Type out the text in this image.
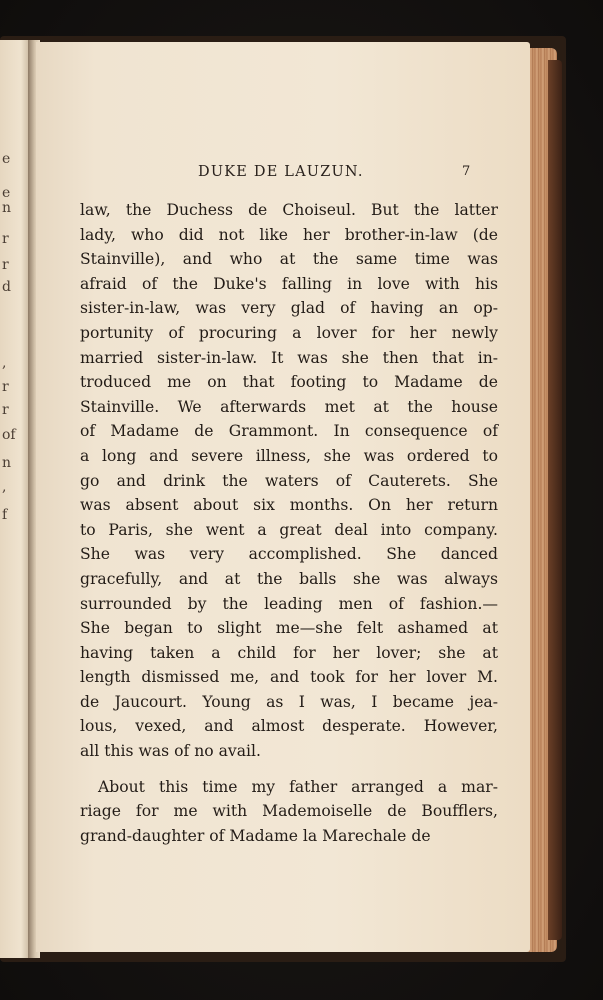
e
e
n
r
r
d
,
r
r
of
n
,
f
DUKE DE LAUZUN.	7
law, the Duchess de Choiseul. But the latter
lady, who did not like her brother-in-law (de
Stainville), and who at the same time was
afraid of the Duke's falling in love with his
sister-in-law, was very glad of having an op-
portunity of procuring a lover for her newly
married sister-in-law. It was she then that in-
troduced me on that footing to Madame de
Stainville. We afterwards met at the house
of Madame de Grammont. In consequence of
a long and severe illness, she was ordered to
go and drink the waters of Cauterets. She
was absent about six months. On her return
to Paris, she went a great deal into company.
She was very accomplished. She danced
gracefully, and at the balls she was always
surrounded by the leading men of fashion.—
She began to slight me—she felt ashamed at
having taken a child for her lover; she at
length dismissed me, and took for her lover M.
de Jaucourt. Young as I was, I became jea-
lous, vexed, and almost desperate. However,
all this was of no avail.
About this time my father arranged a mar-
riage for me with Mademoiselle de Boufflers,
grand-daughter of Madame la Marechale de
